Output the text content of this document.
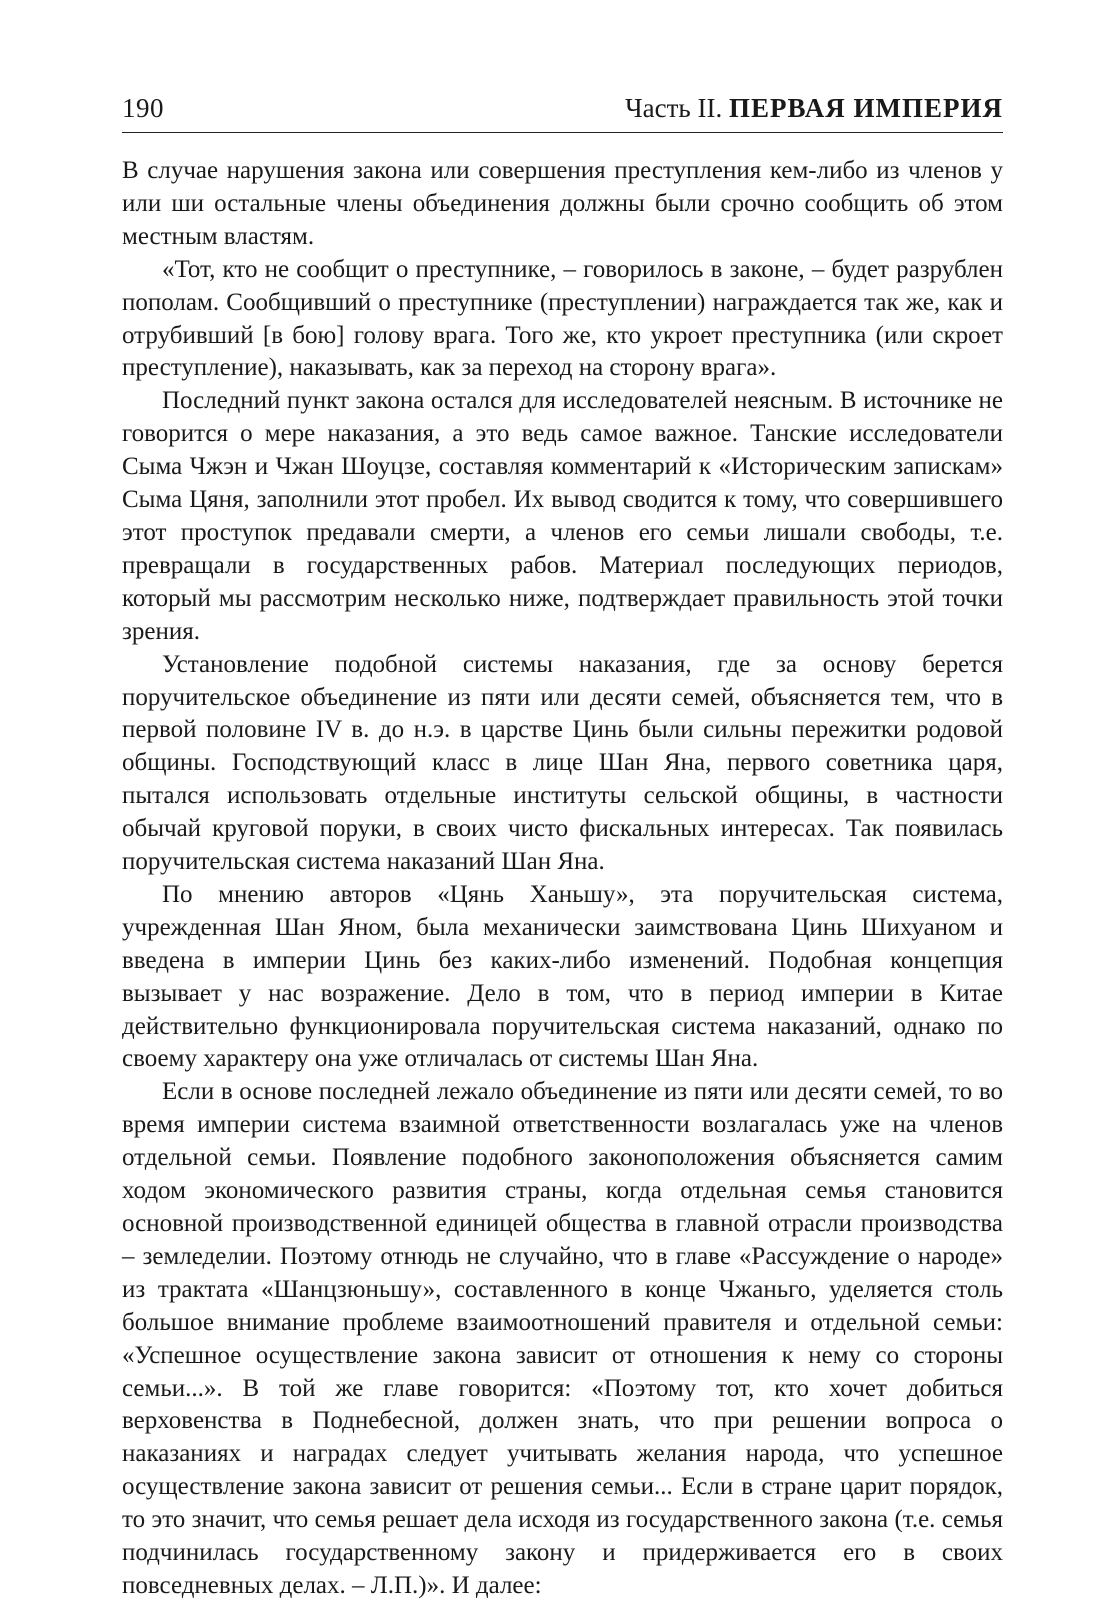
190	Часть II. ПЕРВАЯ ИМПЕРИЯ

В случае нарушения закона или совершения преступления кем-либо из членов у или ши остальные члены объединения должны были срочно сообщить об этом местным властям.

«Тот, кто не сообщит о преступнике, – говорилось в законе, – будет разрублен пополам. Сообщивший о преступнике (преступлении) награждается так же, как и отрубивший [в бою] голову врага. Того же, кто укроет преступника (или скроет преступление), наказывать, как за переход на сторону врага».

Последний пункт закона остался для исследователей неясным. В источнике не говорится о мере наказания, а это ведь самое важное. Танские исследователи Сыма Чжэн и Чжан Шоуцзе, составляя комментарий к «Историческим запискам» Сыма Цяня, заполнили этот пробел. Их вывод сводится к тому, что совершившего этот проступок предавали смерти, а членов его семьи лишали свободы, т.е. превращали в государственных рабов. Материал последующих периодов, который мы рассмотрим несколько ниже, подтверждает правильность этой точки зрения.

Установление подобной системы наказания, где за основу берется поручительское объединение из пяти или десяти семей, объясняется тем, что в первой половине IV в. до н.э. в царстве Цинь были сильны пережитки родовой общины. Господствующий класс в лице Шан Яна, первого советника царя, пытался использовать отдельные институты сельской общины, в частности обычай круговой поруки, в своих чисто фискальных интересах. Так появилась поручительская система наказаний Шан Яна.

По мнению авторов «Цянь Ханьшу», эта поручительская система, учрежденная Шан Яном, была механически заимствована Цинь Шихуаном и введена в империи Цинь без каких-либо изменений. Подобная концепция вызывает у нас возражение. Дело в том, что в период империи в Китае действительно функционировала поручительская система наказаний, однако по своему характеру она уже отличалась от системы Шан Яна.

Если в основе последней лежало объединение из пяти или десяти семей, то во время империи система взаимной ответственности возлагалась уже на членов отдельной семьи. Появление подобного законоположения объясняется самим ходом экономического развития страны, когда отдельная семья становится основной производственной единицей общества в главной отрасли производства – земледелии. Поэтому отнюдь не случайно, что в главе «Рассуждение о народе» из трактата «Шанцзюньшу», составленного в конце Чжаньго, уделяется столь большое внимание проблеме взаимоотношений правителя и отдельной семьи: «Успешное осуществление закона зависит от отношения к нему со стороны семьи...». В той же главе говорится: «Поэтому тот, кто хочет добиться верховенства в Поднебесной, должен знать, что при решении вопроса о наказаниях и наградах следует учитывать желания народа, что успешное осуществление закона зависит от решения семьи... Если в стране царит порядок, то это значит, что семья решает дела исходя из государственного закона (т.е. семья подчинилась государственному закону и придерживается его в своих повседневных делах. – Л.П.)». И далее:
